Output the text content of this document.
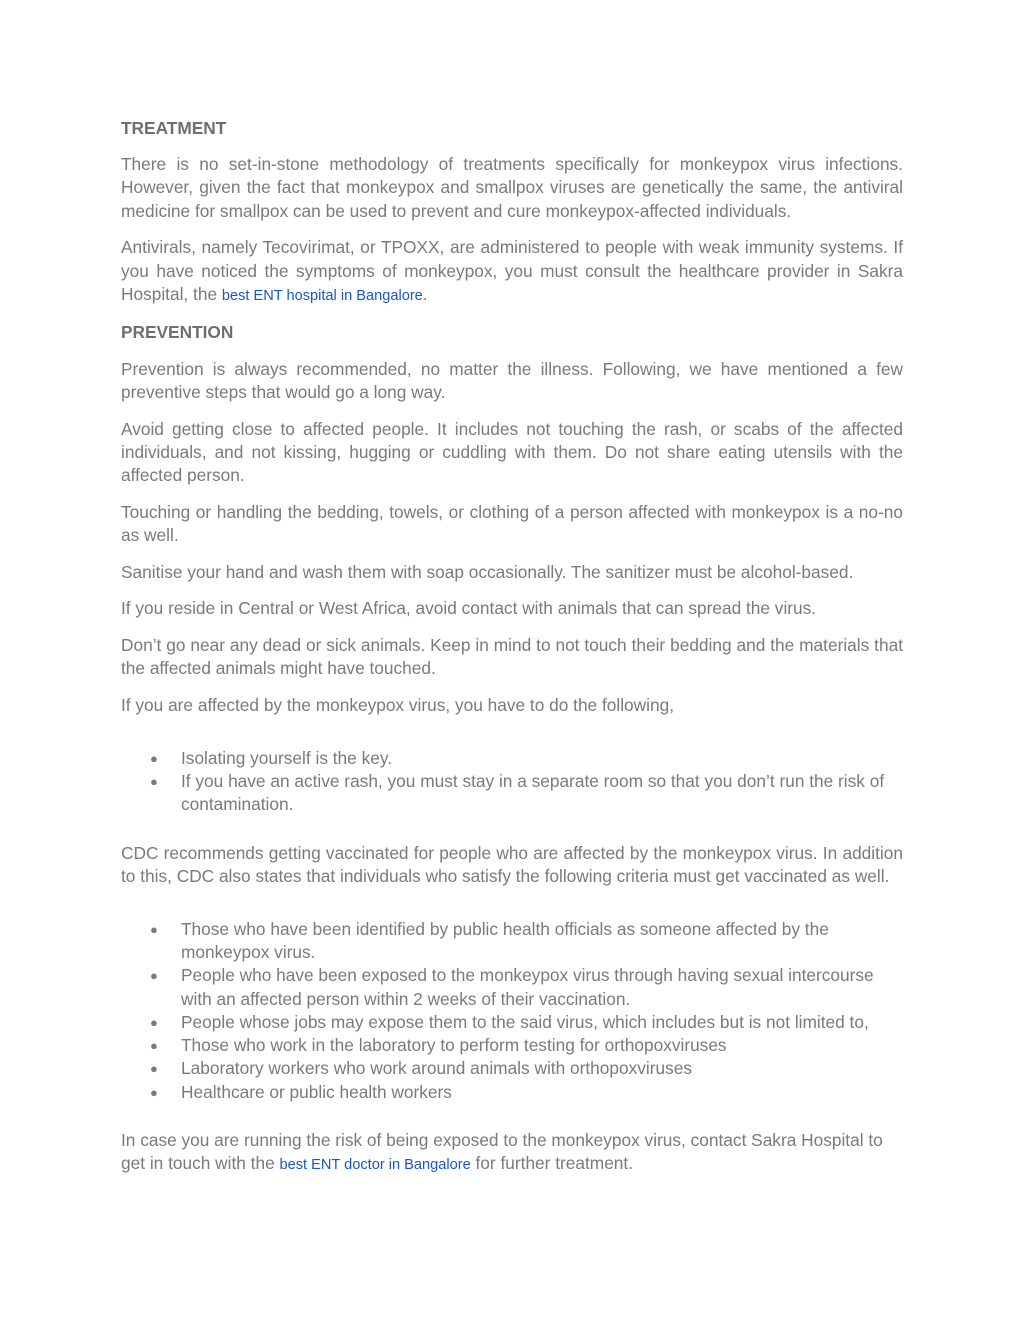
TREATMENT

There is no set-in-stone methodology of treatments specifically for monkeypox virus infections. However, given the fact that monkeypox and smallpox viruses are genetically the same, the antiviral medicine for smallpox can be used to prevent and cure monkeypox-affected individuals.

Antivirals, namely Tecovirimat, or TPOXX, are administered to people with weak immunity systems. If you have noticed the symptoms of monkeypox, you must consult the healthcare provider in Sakra Hospital, the best ENT hospital in Bangalore.

PREVENTION

Prevention is always recommended, no matter the illness. Following, we have mentioned a few preventive steps that would go a long way.

Avoid getting close to affected people. It includes not touching the rash, or scabs of the affected individuals, and not kissing, hugging or cuddling with them. Do not share eating utensils with the affected person.

Touching or handling the bedding, towels, or clothing of a person affected with monkeypox is a no-no as well.

Sanitise your hand and wash them with soap occasionally. The sanitizer must be alcohol-based.

If you reside in Central or West Africa, avoid contact with animals that can spread the virus.

Don’t go near any dead or sick animals. Keep in mind to not touch their bedding and the materials that the affected animals might have touched.

If you are affected by the monkeypox virus, you have to do the following,

● Isolating yourself is the key.
● If you have an active rash, you must stay in a separate room so that you don’t run the risk of contamination.

CDC recommends getting vaccinated for people who are affected by the monkeypox virus. In addition to this, CDC also states that individuals who satisfy the following criteria must get vaccinated as well.

● Those who have been identified by public health officials as someone affected by the monkeypox virus.
● People who have been exposed to the monkeypox virus through having sexual intercourse with an affected person within 2 weeks of their vaccination.
● People whose jobs may expose them to the said virus, which includes but is not limited to,
● Those who work in the laboratory to perform testing for orthopoxviruses
● Laboratory workers who work around animals with orthopoxviruses
● Healthcare or public health workers

In case you are running the risk of being exposed to the monkeypox virus, contact Sakra Hospital to get in touch with the best ENT doctor in Bangalore for further treatment.
